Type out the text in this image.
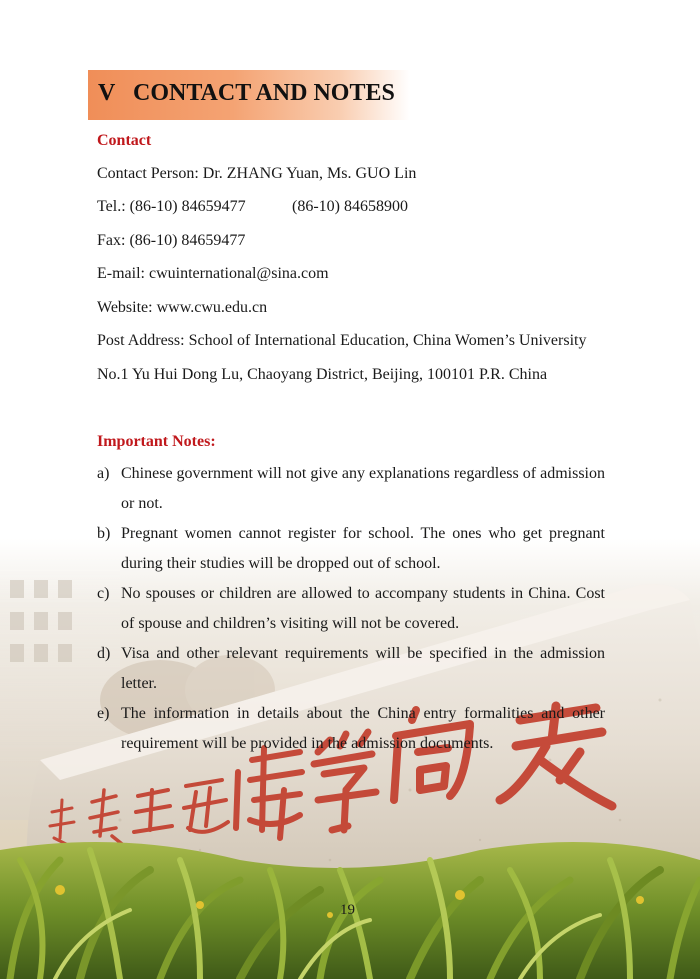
V CONTACT AND NOTES
Contact
Contact Person: Dr. ZHANG Yuan, Ms. GUO Lin
Tel.: (86-10) 84659477	(86-10) 84658900
Fax: (86-10) 84659477
E-mail: cwuinternational@sina.com
Website: www.cwu.edu.cn
Post Address: School of International Education, China Women’s University
No.1 Yu Hui Dong Lu, Chaoyang District, Beijing, 100101 P.R. China
Important Notes:
a) Chinese government will not give any explanations regardless of admission or not.
b) Pregnant women cannot register for school. The ones who get pregnant during their studies will be dropped out of school.
c) No spouses or children are allowed to accompany students in China. Cost of spouse and children’s visiting will not be covered.
d) Visa and other relevant requirements will be specified in the admission letter.
e) The information in details about the China entry formalities and other requirement will be provided in the admission documents.
19
